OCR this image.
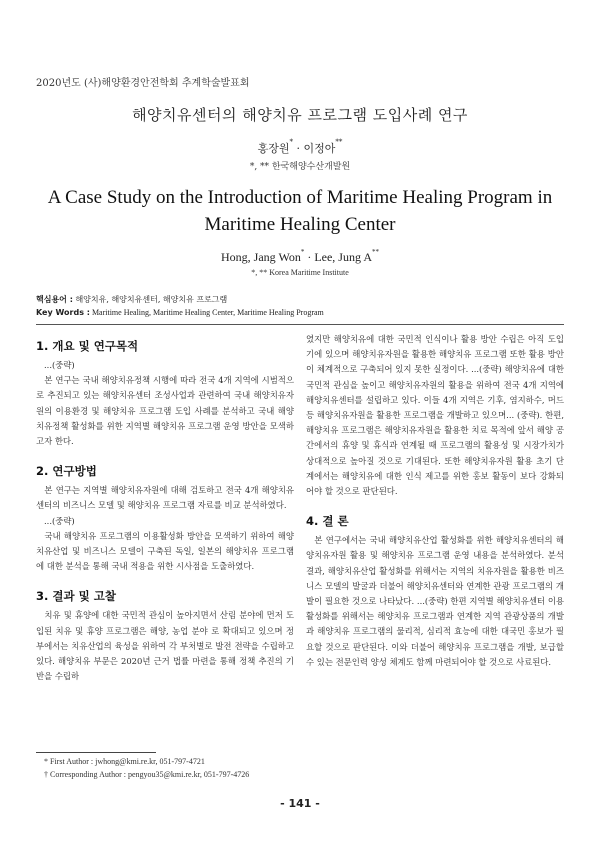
2020년도 (사)해양환경안전학회 추계학술발표회
해양치유센터의 해양치유 프로그램 도입사례 연구
홍장원* · 이정아**
*, ** 한국해양수산개발원
A Case Study on the Introduction of Maritime Healing Program in Maritime Healing Center
Hong, Jang Won* · Lee, Jung A**
*, ** Korea Maritime Institute
핵심용어 : 해양치유, 해양치유센터, 해양치유 프로그램
Key Words : Maritime Healing, Maritime Healing Center, Maritime Healing Program
1. 개요 및 연구목적
...(중략)

본 연구는 국내 해양치유정책 시행에 따라 전국 4개 지역에 시범적으로 추진되고 있는 해양치유센터 조성사업과 관련하여 국내 해양치유자원의 이용환경 및 해양치유 프로그램 도입 사례를 분석하고 국내 해양치유정책 활성화를 위한 지역별 해양치유 프로그램 운영 방안을 모색하고자 한다.

2. 연구방법

본 연구는 지역별 해양치유자원에 대해 검토하고 전국 4개 해양치유센터의 비즈니스 모델 및 해양치유 프로그램 자료를 비교 분석하였다.

...(중략)

국내 해양치유 프로그램의 이용활성화 방안을 모색하기 위하여 해양치유산업 및 비즈니스 모델이 구축된 독일, 일본의 해양치유 프로그램에 대한 분석을 통해 국내 적용을 위한 시사점을 도출하였다.

3. 결과 및 고찰

치유 및 휴양에 대한 국민적 관심이 높아지면서 산림 분야에 먼저 도입된 치유 및 휴양 프로그램은 해양, 농업 분야 로 확대되고 있으며 정부에서는 치유산업의 육성을 위하여 각 부처별로 발전 전략을 수립하고 있다. 해양치유 부문은 2020년 근거 법률 마련을 통해 정책 추진의 기반을 수립하

였지만 해양치유에 대한 국민적 인식이나 활용 방안 수립은 아직 도입기에 있으며 해양치유자원을 활용한 해양치유 프로그램 또한 활용 방안이 체계적으로 구축되어 있지 못한 실정이다. ...(중략) 해양치유에 대한 국민적 관심을 높이고 해양치유자원의 활용을 위하여 전국 4개 지역에 해양치유센터를 설립하고 있다. 이들 4개 지역은 기후, 염지하수, 머드 등 해양치유자원을 활용한 프로그램을 개발하고 있으며... (중략). 한편, 해양치유 프로그램은 해양치유자원을 활용한 치료 목적에 앞서 해양 공간에서의 휴양 및 휴식과 연계될 때 프로그램의 활용성 및 시장가치가 상대적으로 높아질 것으로 기대된다. 또한 해양치유자원 활용 초기 단계에서는 해양치유에 대한 인식 제고를 위한 홍보 활동이 보다 강화되어야 할 것으로 판단된다.

4. 결 론

본 연구에서는 국내 해양치유산업 활성화를 위한 해양치유센터의 해양치유자원 활용 및 해양치유 프로그램 운영 내용을 분석하였다. 분석 결과, 해양치유산업 활성화를 위해서는 지역의 치유자원을 활용한 비즈니스 모델의 발굴과 더불어 해양치유센터와 연계한 관광 프로그램의 개발이 필요한 것으로 나타났다. ...(중략) 한편 지역별 해양치유센터 이용 활성화를 위해서는 해양치유 프로그램과 연계한 지역 관광상품의 개발과 해양치유 프로그램의 물리적, 심리적 효능에 대한 대국민 홍보가 필요할 것으로 판단된다. 이와 더불어 해양치유 프로그램을 개발, 보급할 수 있는 전문인력 양성 체계도 함께 마련되어야 할 것으로 사료된다.

* First Author : jwhong@kmi.re.kr, 051-797-4721
† Corresponding Author : pengyou35@kmi.re.kr, 051-797-4726
- 141 -
